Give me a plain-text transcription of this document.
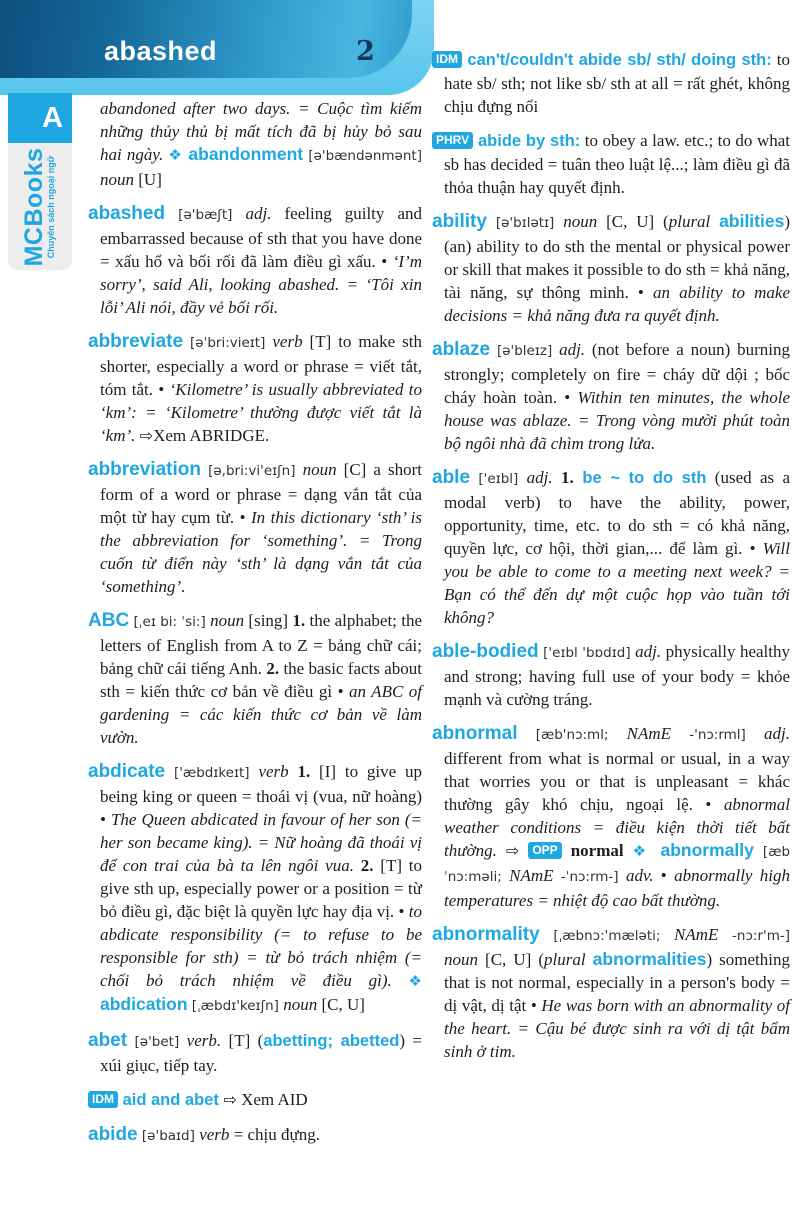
abashed	2
A
MCBooks
Chuyên sách ngoại ngữ

abandoned after two days. = Cuộc tìm kiếm những thủy thủ bị mất tích đã bị hủy bỏ sau hai ngày. ❖ abandonment [ə'bændənmənt] noun [U]

abashed [ə'bæʃt] adj. feeling guilty and embarrassed because of sth that you have done = xấu hổ và bối rối đã làm điều gì xấu. • ‘I’m sorry’, said Ali, looking abashed. = ‘Tôi xin lỗi’ Ali nói, đầy vẻ bối rối.

abbreviate [əˈbri:vieɪt] verb [T] to make sth shorter, especially a word or phrase = viết tắt, tóm tắt. • ‘Kilometre’ is usually abbreviated to ‘km’: = ‘Kilometre’ thường được viết tắt là ‘km’. ⇨Xem ABRIDGE.

abbreviation [ə,bri:vi'eɪʃn] noun [C] a short form of a word or phrase = dạng vắn tắt của một từ hay cụm từ. • In this dictionary ‘sth’ is the abbreviation for ‘something’. = Trong cuốn từ điển này ‘sth’ là dạng vắn tắt của ‘something’.

ABC [ˌeɪ bi: ˈsi:] noun [sing] 1. the alphabet; the letters of English from A to Z = bảng chữ cái; bảng chữ cái tiếng Anh. 2. the basic facts about sth = kiến thức cơ bản về điều gì • an ABC of gardening = các kiến thức cơ bản về làm vườn.

abdicate ['æbdɪkeɪt] verb 1. [I] to give up being king or queen = thoái vị (vua, nữ hoàng) • The Queen abdicated in favour of her son (= her son became king). = Nữ hoàng đã thoái vị để con trai của bà ta lên ngôi vua. 2. [T] to give sth up, especially power or a position = từ bỏ điều gì, đặc biệt là quyền lực hay địa vị. • to abdicate responsibility (= to refuse to be responsible for sth) = từ bỏ trách nhiệm (= chối bỏ trách nhiệm về điều gì). ❖ abdication [ˌæbdɪ'keɪʃn] noun [C, U]

abet [ə'bet] verb. [T] (abetting; abetted) = xúi giục, tiếp tay.

IDM aid and abet ⇨ Xem AID

abide [ə'baɪd] verb = chịu đựng.

IDM can't/couldn't abide sb/ sth/ doing sth: to hate sb/ sth; not like sb/ sth at all = rất ghét, không chịu đựng nổi

PHRV abide by sth: to obey a law. etc.; to do what sb has decided = tuân theo luật lệ...; làm điều gì đã thỏa thuận hay quyết định.

ability [ə'bɪlətɪ] noun [C, U] (plural abilities) (an) ability to do sth the mental or physical power or skill that makes it possible to do sth = khả năng, tài năng, sự thông minh. • an ability to make decisions = khả năng đưa ra quyết định.

ablaze [ə'bleɪz] adj. (not before a noun) burning strongly; completely on fire = cháy dữ dội ; bốc cháy hoàn toàn. • Within ten minutes, the whole house was ablaze. = Trong vòng mười phút toàn bộ ngôi nhà đã chìm trong lửa.

able ['eɪbl] adj. 1. be ~ to do sth (used as a modal verb) to have the ability, power, opportunity, time, etc. to do sth = có khả năng, quyền lực, cơ hội, thời gian,... để làm gì. • Will you be able to come to a meeting next week? = Bạn có thể đến dự một cuộc họp vào tuần tới không?

able-bodied ['eɪbl 'bɒdɪd] adj. physically healthy and strong; having full use of your body = khỏe mạnh và cường tráng.

abnormal [æb'nɔ:ml; NAmE -'nɔ:rml] adj. different from what is normal or usual, in a way that worries you or that is unpleasant = khác thường gây khó chịu, ngoại lệ. • abnormal weather conditions = điều kiện thời tiết bất thường. ⇨ OPP normal ❖ abnormally [æbˈnɔ:məli; NAmE -ˈnɔ:rm-] adv. • abnormally high temperatures = nhiệt độ cao bất thường.

abnormality [ˌæbnɔ:'mæləti; NAmE -nɔ:r'm-] noun [C, U] (plural abnormalities) something that is not normal, especially in a person's body = dị vật, dị tật • He was born with an abnormality of the heart. = Cậu bé được sinh ra với dị tật bẩm sinh ở tim.
